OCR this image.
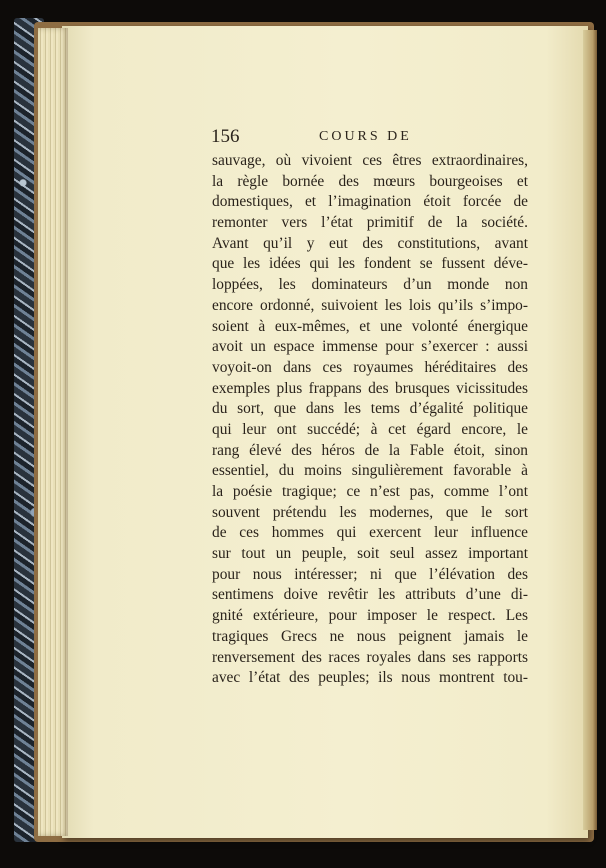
156	COURS DE
sauvage, où vivoient ces êtres extraordinaires,
la règle bornée des mœurs bourgeoises et
domestiques, et l’imagination étoit forcée de
remonter vers l’état primitif de la société.
Avant qu’il y eut des constitutions, avant
que les idées qui les fondent se fussent déve-
loppées, les dominateurs d’un monde non
encore ordonné, suivoient les lois qu’ils s’impo-
soient à eux-mêmes, et une volonté énergique
avoit un espace immense pour s’exercer : aussi
voyoit-on dans ces royaumes héréditaires des
exemples plus frappans des brusques vicissitudes
du sort, que dans les tems d’égalité politique
qui leur ont succédé; à cet égard encore, le
rang élevé des héros de la Fable étoit, sinon
essentiel, du moins singulièrement favorable à
la poésie tragique; ce n’est pas, comme l’ont
souvent prétendu les modernes, que le sort
de ces hommes qui exercent leur influence
sur tout un peuple, soit seul assez important
pour nous intéresser; ni que l’élévation des
sentimens doive revêtir les attributs d’une di-
gnité extérieure, pour imposer le respect. Les
tragiques Grecs ne nous peignent jamais le
renversement des races royales dans ses rapports
avec l’état des peuples; ils nous montrent tou-
